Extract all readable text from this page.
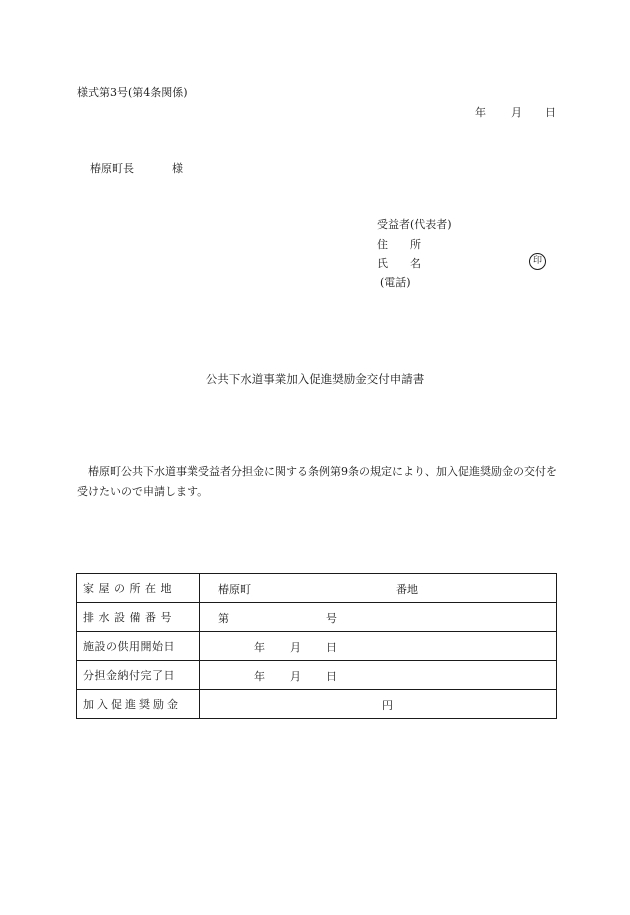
様式第3号(第4条関係)
年 月 日
椿原町長	様
受益者(代表者)
住 所
氏 名	印
(電話)
公共下水道事業加入促進奨励金交付申請書
椿原町公共下水道事業受益者分担金に関する条例第9条の規定により、加入促進奨励金の交付を受けたいので申請します。
家屋の所在地	椿原町 番地

排水設備番号	第 号

施設の供用開始日	年 月 日

分担金納付完了日	年 月 日

加入促進奨励金	円
